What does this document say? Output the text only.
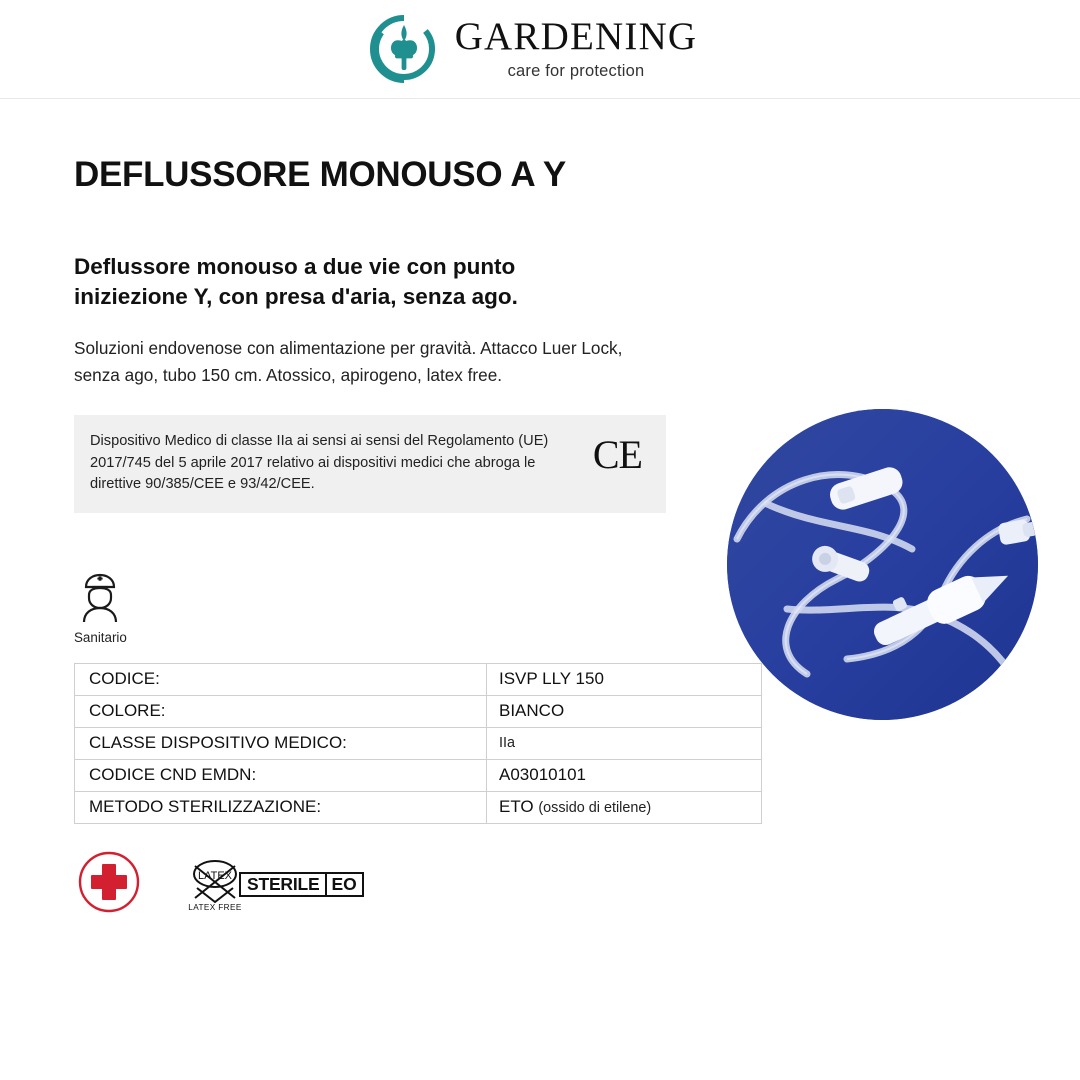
GARDENING
care for protection
DEFLUSSORE MONOUSO A Y
Deflussore monouso a due vie con punto iniziezione Y, con presa d'aria, senza ago.

Soluzioni endovenose con alimentazione per gravità. Attacco Luer Lock, senza ago, tubo 150 cm. Atossico, apirogeno, latex free.

Dispositivo Medico di classe IIa ai sensi ai sensi del Regolamento (UE) 2017/745 del 5 aprile 2017 relativo ai dispositivi medici che abroga le direttive 90/385/CEE e 93/42/CEE.
CE
Sanitario
CODICE:	ISVP LLY 150
COLORE:	BIANCO
CLASSE DISPOSITIVO MEDICO:	IIa
CODICE CND EMDN:	A03010101
METODO STERILIZZAZIONE:	ETO (ossido di etilene)
LATEX
LATEX FREE
STERILE EO
